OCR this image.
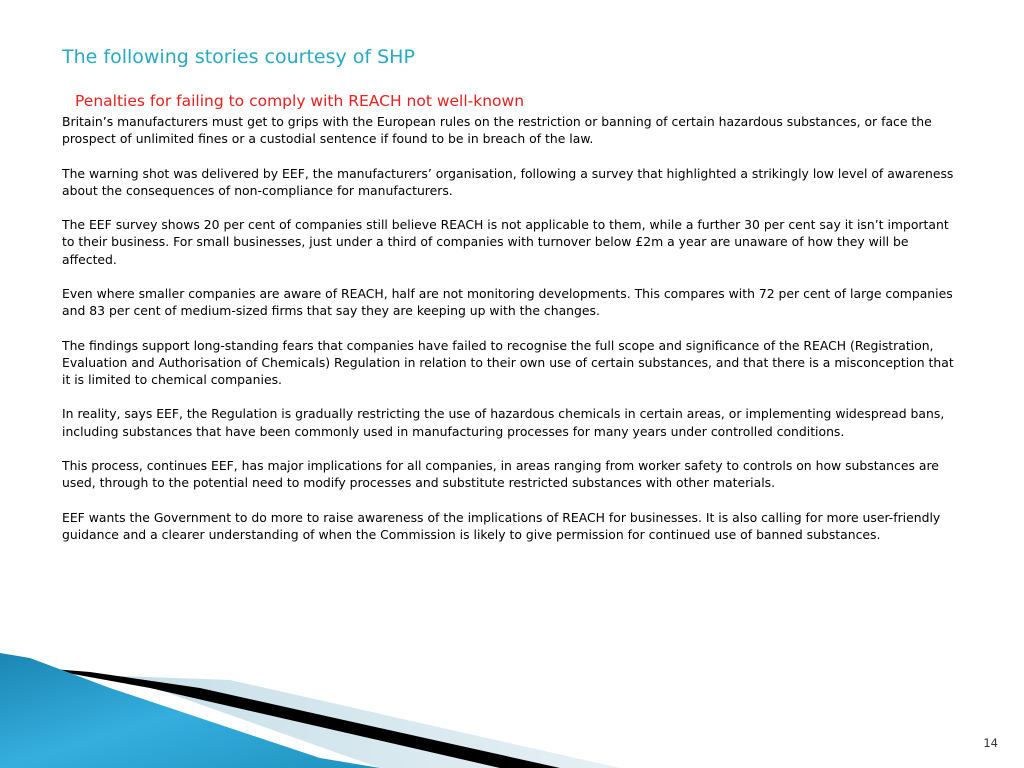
The following stories courtesy of SHP
Penalties for failing to comply with REACH not well-known

Britain’s manufacturers must get to grips with the European rules on the restriction or banning of certain hazardous substances, or face the prospect of unlimited fines or a custodial sentence if found to be in breach of the law.

The warning shot was delivered by EEF, the manufacturers’ organisation, following a survey that highlighted a strikingly low level of awareness about the consequences of non-compliance for manufacturers.

The EEF survey shows 20 per cent of companies still believe REACH is not applicable to them, while a further 30 per cent say it isn’t important to their business. For small businesses, just under a third of companies with turnover below £2m a year are unaware of how they will be affected.

Even where smaller companies are aware of REACH, half are not monitoring developments. This compares with 72 per cent of large companies and 83 per cent of medium-sized firms that say they are keeping up with the changes.

The findings support long-standing fears that companies have failed to recognise the full scope and significance of the REACH (Registration, Evaluation and Authorisation of Chemicals) Regulation in relation to their own use of certain substances, and that there is a misconception that it is limited to chemical companies.

In reality, says EEF, the Regulation is gradually restricting the use of hazardous chemicals in certain areas, or implementing widespread bans, including substances that have been commonly used in manufacturing processes for many years under controlled conditions.

This process, continues EEF, has major implications for all companies, in areas ranging from worker safety to controls on how substances are used, through to the potential need to modify processes and substitute restricted substances with other materials.

EEF wants the Government to do more to raise awareness of the implications of REACH for businesses. It is also calling for more user-friendly guidance and a clearer understanding of when the Commission is likely to give permission for continued use of banned substances.

14
